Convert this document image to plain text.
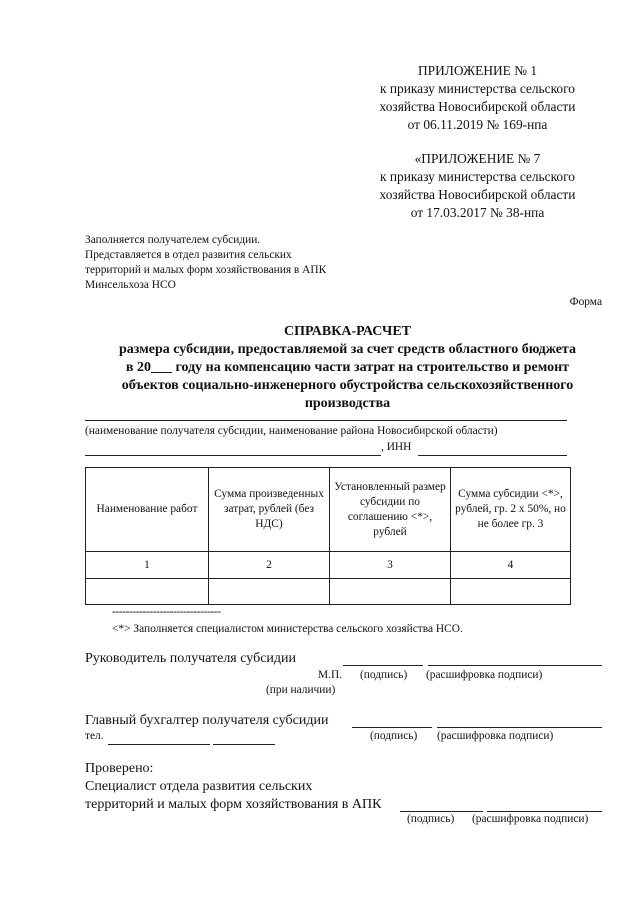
ПРИЛОЖЕНИЕ № 1
к приказу министерства сельского
хозяйства Новосибирской области
от 06.11.2019 № 169-нпа
«ПРИЛОЖЕНИЕ № 7
к приказу министерства сельского
хозяйства Новосибирской области
от 17.03.2017 № 38-нпа
Заполняется получателем субсидии.
Представляется в отдел развития сельских
территорий и малых форм хозяйствования в АПК
Минсельхоза НСО
Форма
СПРАВКА-РАСЧЕТ
размера субсидии, предоставляемой за счет средств областного бюджета
в 20___ году на компенсацию части затрат на строительство и ремонт
объектов социально-инженерного обустройства сельскохозяйственного
производства
(наименование получателя субсидии, наименование района Новосибирской области)
, ИНН
Наименование работ	Сумма произведенных затрат, рублей (без НДС)	Установленный размер субсидии по соглашению <*>, рублей	Сумма субсидии <*>, рублей, гр. 2 x 50%, но не более гр. 3
1	2	3	4

--------------------------------
<*> Заполняется специалистом министерства сельского хозяйства НСО.
Руководитель получателя субсидии
М.П. (подпись) (расшифровка подписи)
(при наличии)
Главный бухгалтер получателя субсидии
тел.	(подпись) (расшифровка подписи)
Проверено:
Специалист отдела развития сельских
территорий и малых форм хозяйствования в АПК
(подпись) (расшифровка подписи)
